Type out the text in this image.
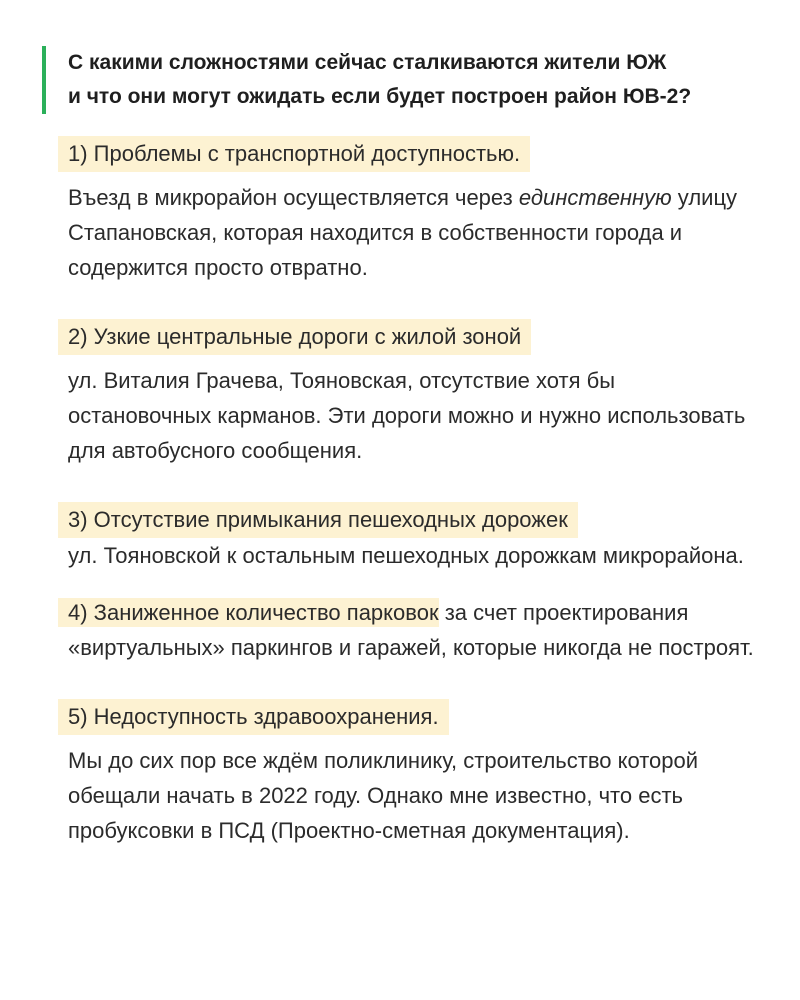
С какими сложностями сейчас сталкиваются жители ЮЖ
и что они могут ожидать если будет построен район ЮВ-2?
1) Проблемы с транспортной доступностью.

Въезд в микрорайон осуществляется через единственную улицу Стапановская, которая находится в собственности города и содержится просто отвратно.

2) Узкие центральные дороги с жилой зоной

ул. Виталия Грачева, Тояновская, отсутствие хотя бы остановочных карманов. Эти дороги можно и нужно использовать для автобусного сообщения.

3) Отсутствие примыкания пешеходных дорожек

ул. Тояновской к остальным пешеходных дорожкам микрорайона.

4) Заниженное количество парковок за счет проектирования «виртуальных» паркингов и гаражей, которые никогда не построят.

5) Недоступность здравоохранения.

Мы до сих пор все ждём поликлинику, строительство которой обещали начать в 2022 году. Однако мне известно, что есть пробуксовки в ПСД (Проектно-сметная документация).
